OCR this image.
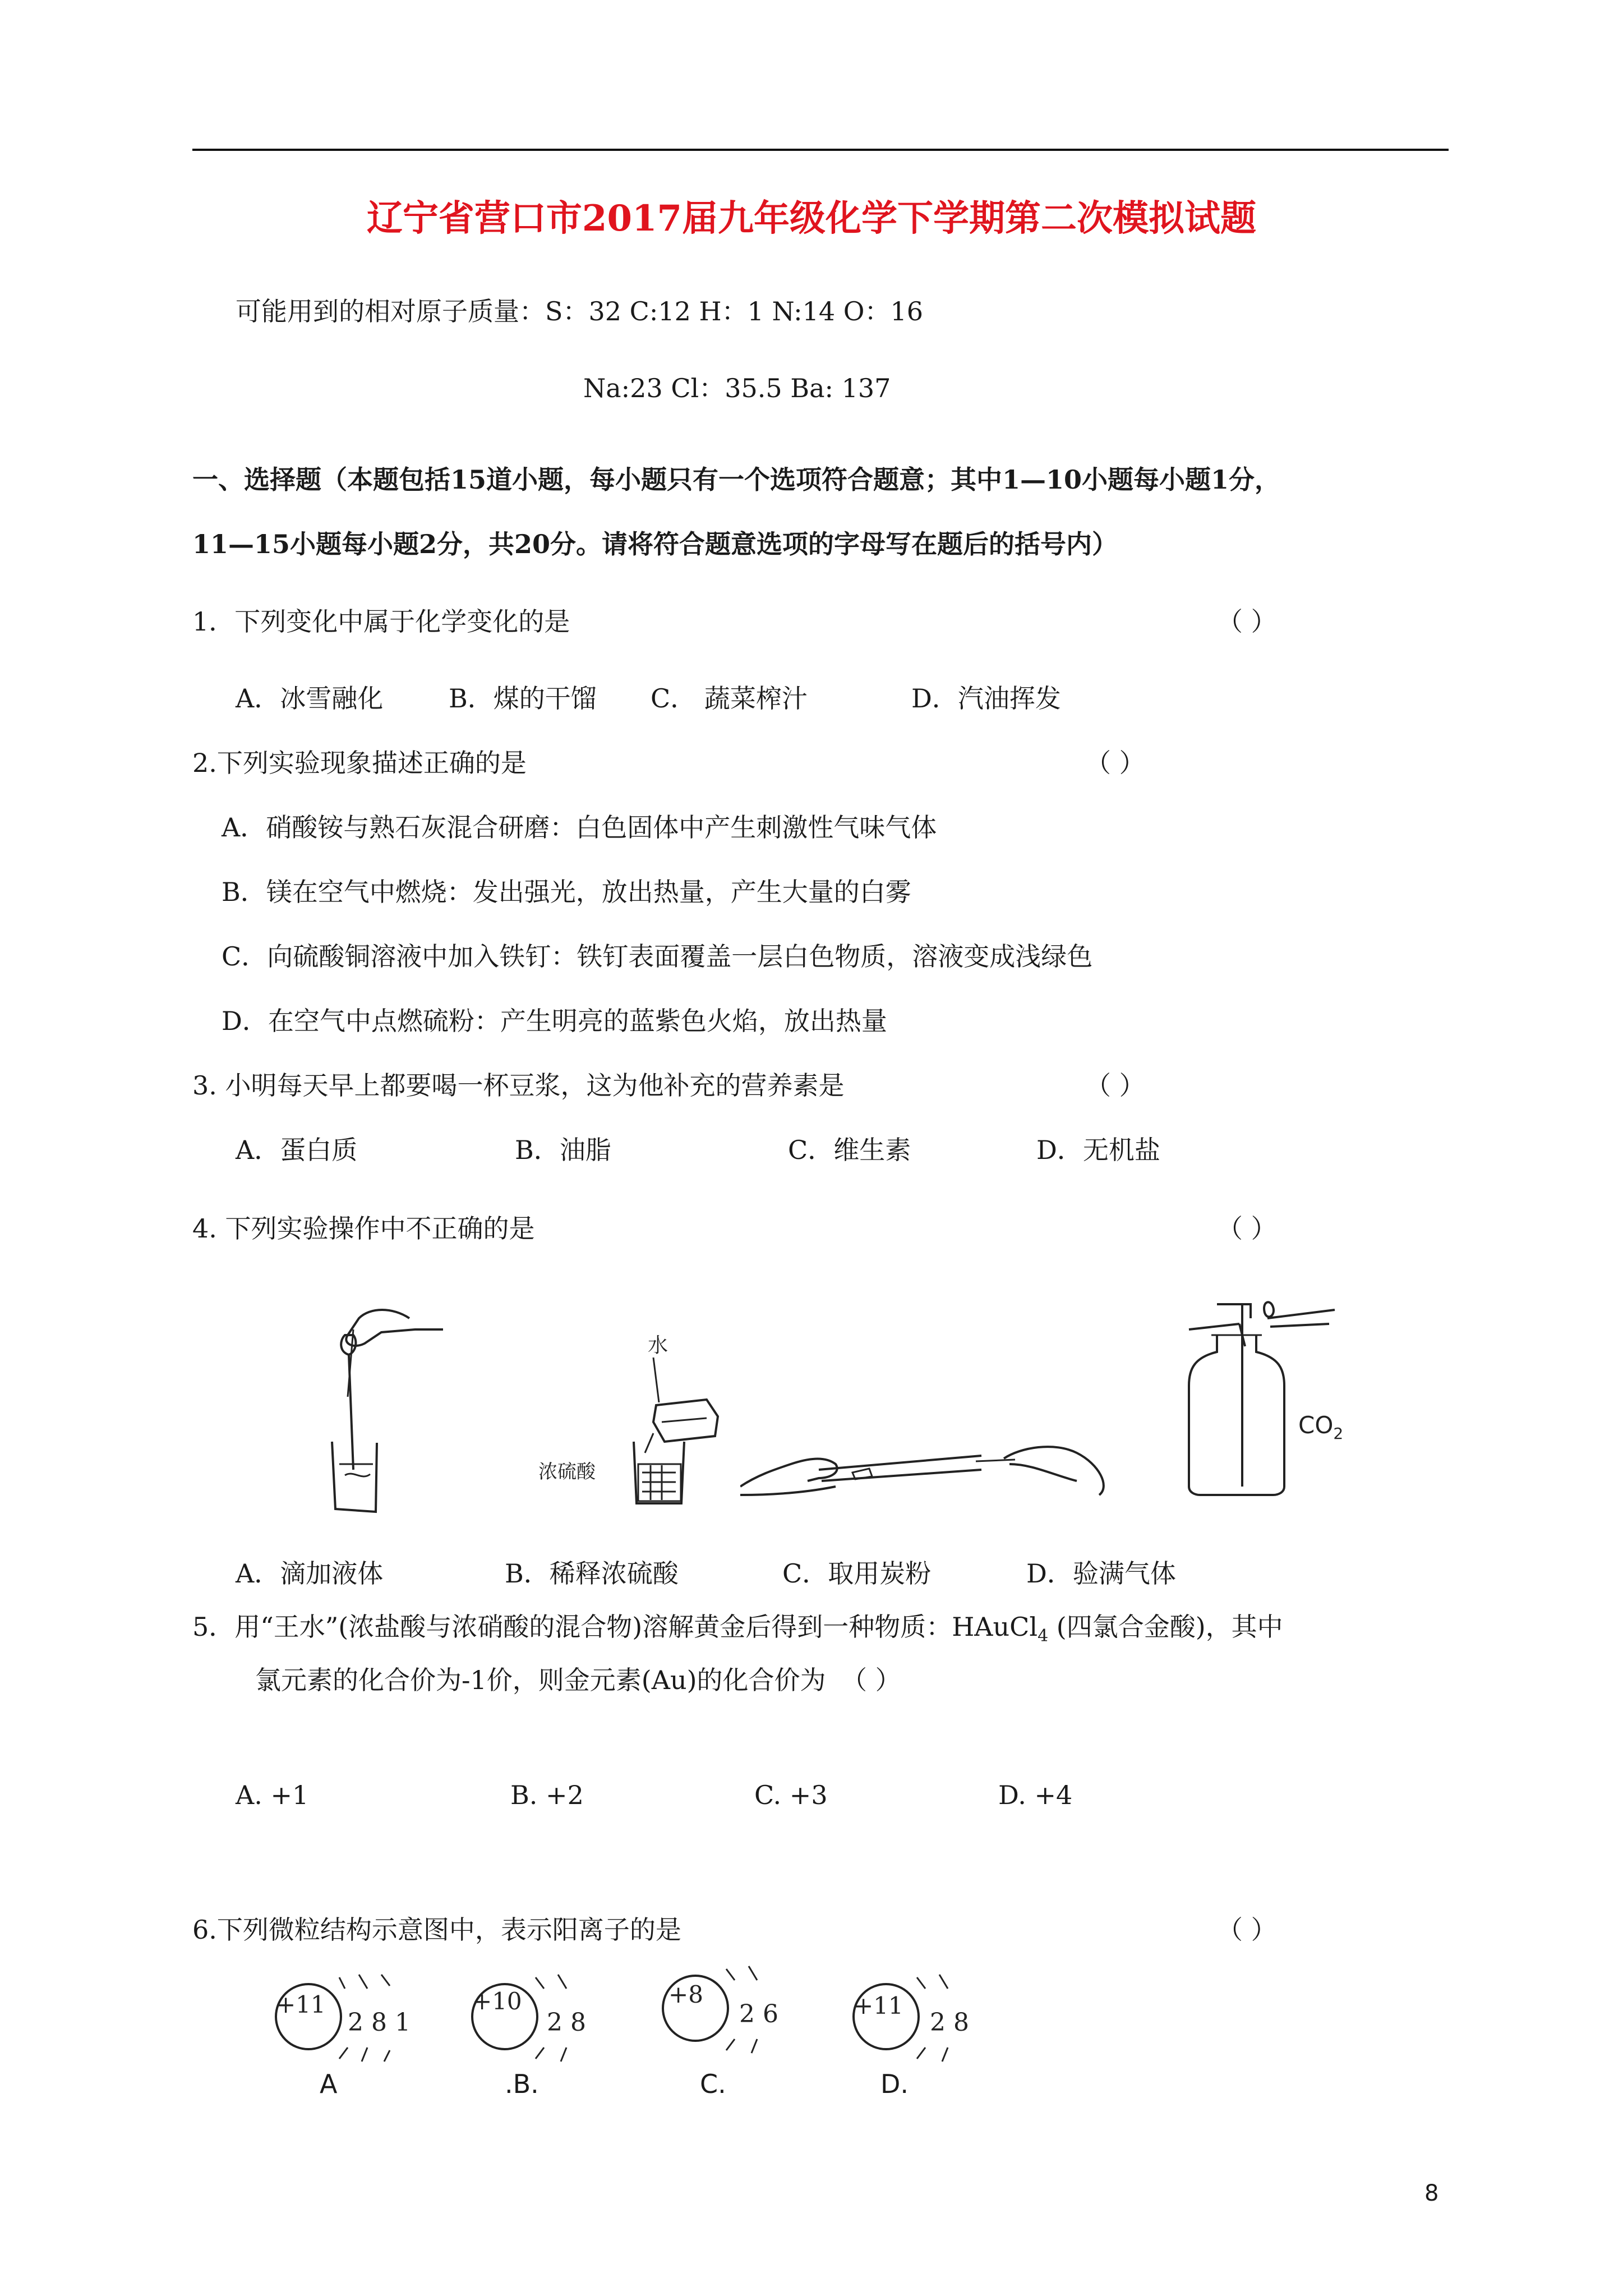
辽宁省营口市2017届九年级化学下学期第二次模拟试题
可能用到的相对原子质量：S：32 C:12 H：1 N:14 O：16
Na:23 Cl：35.5 Ba: 137
一、选择题（本题包括15道小题，每小题只有一个选项符合题意；其中1—10小题每小题1分，
11—15小题每小题2分，共20分。请将符合题意选项的字母写在题后的括号内）
1．下列变化中属于化学变化的是	（ ）
A．冰雪融化	B．煤的干馏 C． 蔬菜榨汁	D．汽油挥发
2.下列实验现象描述正确的是	（ ）
A．硝酸铵与熟石灰混合研磨：白色固体中产生刺激性气味气体
B．镁在空气中燃烧：发出强光，放出热量，产生大量的白雾
C．向硫酸铜溶液中加入铁钉：铁钉表面覆盖一层白色物质，溶液变成浅绿色
D．在空气中点燃硫粉：产生明亮的蓝紫色火焰，放出热量
3. 小明每天早上都要喝一杯豆浆，这为他补充的营养素是	（ ）
A．蛋白质	B．油脂	C．维生素	D．无机盐
4. 下列实验操作中不正确的是	（ ）
水
浓硫酸
$CO_2$
A．滴加液体	B．稀释浓硫酸	C．取用炭粉	D．验满气体
5．用“王水”(浓盐酸与浓硝酸的混合物)溶解黄金后得到一种物质：HAuCl$_4$ (四氯合金酸)，其中
氯元素的化合价为-1价，则金元素(Au)的化合价为 （ ）
A. +1	B. +2	C. +3	D. +4
6.下列微粒结构示意图中，表示阳离子的是	（ ）
+11
2 8 1
+10
2 8
+8
2 6	+11
2 8
A	.B.	C.	D.
8
